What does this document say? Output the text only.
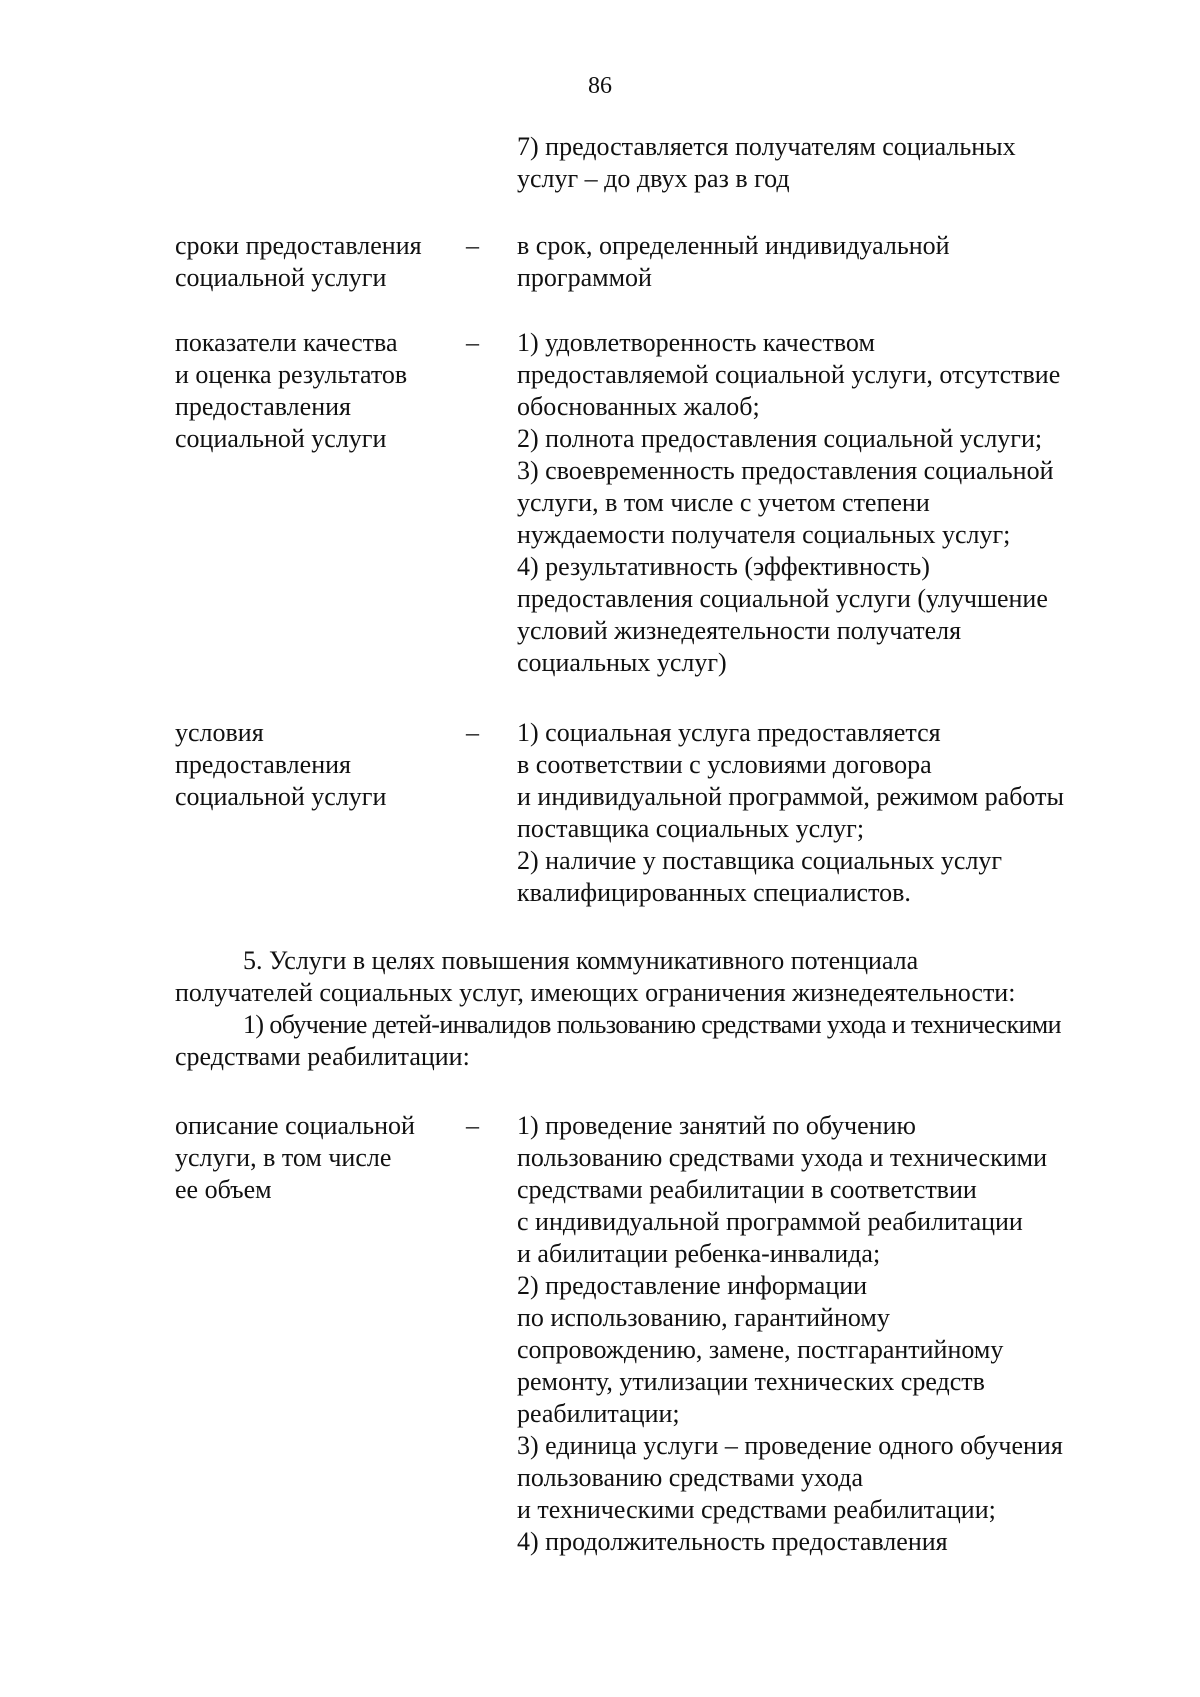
86
7) предоставляется получателям социальных
услуг – до двух раз в год
сроки предоставления
социальной услуги
– в срок, определенный индивидуальной
программой
показатели качества
и оценка результатов
предоставления
социальной услуги
– 1) удовлетворенность качеством
предоставляемой социальной услуги, отсутствие
обоснованных жалоб;
2) полнота предоставления социальной услуги;
3) своевременность предоставления социальной
услуги, в том числе с учетом степени
нуждаемости получателя социальных услуг;
4) результативность (эффективность)
предоставления социальной услуги (улучшение
условий жизнедеятельности получателя
социальных услуг)
условия
предоставления
социальной услуги
– 1) социальная услуга предоставляется
в соответствии с условиями договора
и индивидуальной программой, режимом работы
поставщика социальных услуг;
2) наличие у поставщика социальных услуг
квалифицированных специалистов.
5. Услуги в целях повышения коммуникативного потенциала
получателей социальных услуг, имеющих ограничения жизнедеятельности:
1) обучение детей-инвалидов пользованию средствами ухода и техническими
средствами реабилитации:
описание социальной
услуги, в том числе
ее объем
– 1) проведение занятий по обучению
пользованию средствами ухода и техническими
средствами реабилитации в соответствии
с индивидуальной программой реабилитации
и абилитации ребенка-инвалида;
2) предоставление информации
по использованию, гарантийному
сопровождению, замене, постгарантийному
ремонту, утилизации технических средств
реабилитации;
3) единица услуги – проведение одного обучения
пользованию средствами ухода
и техническими средствами реабилитации;
4) продолжительность предоставления
